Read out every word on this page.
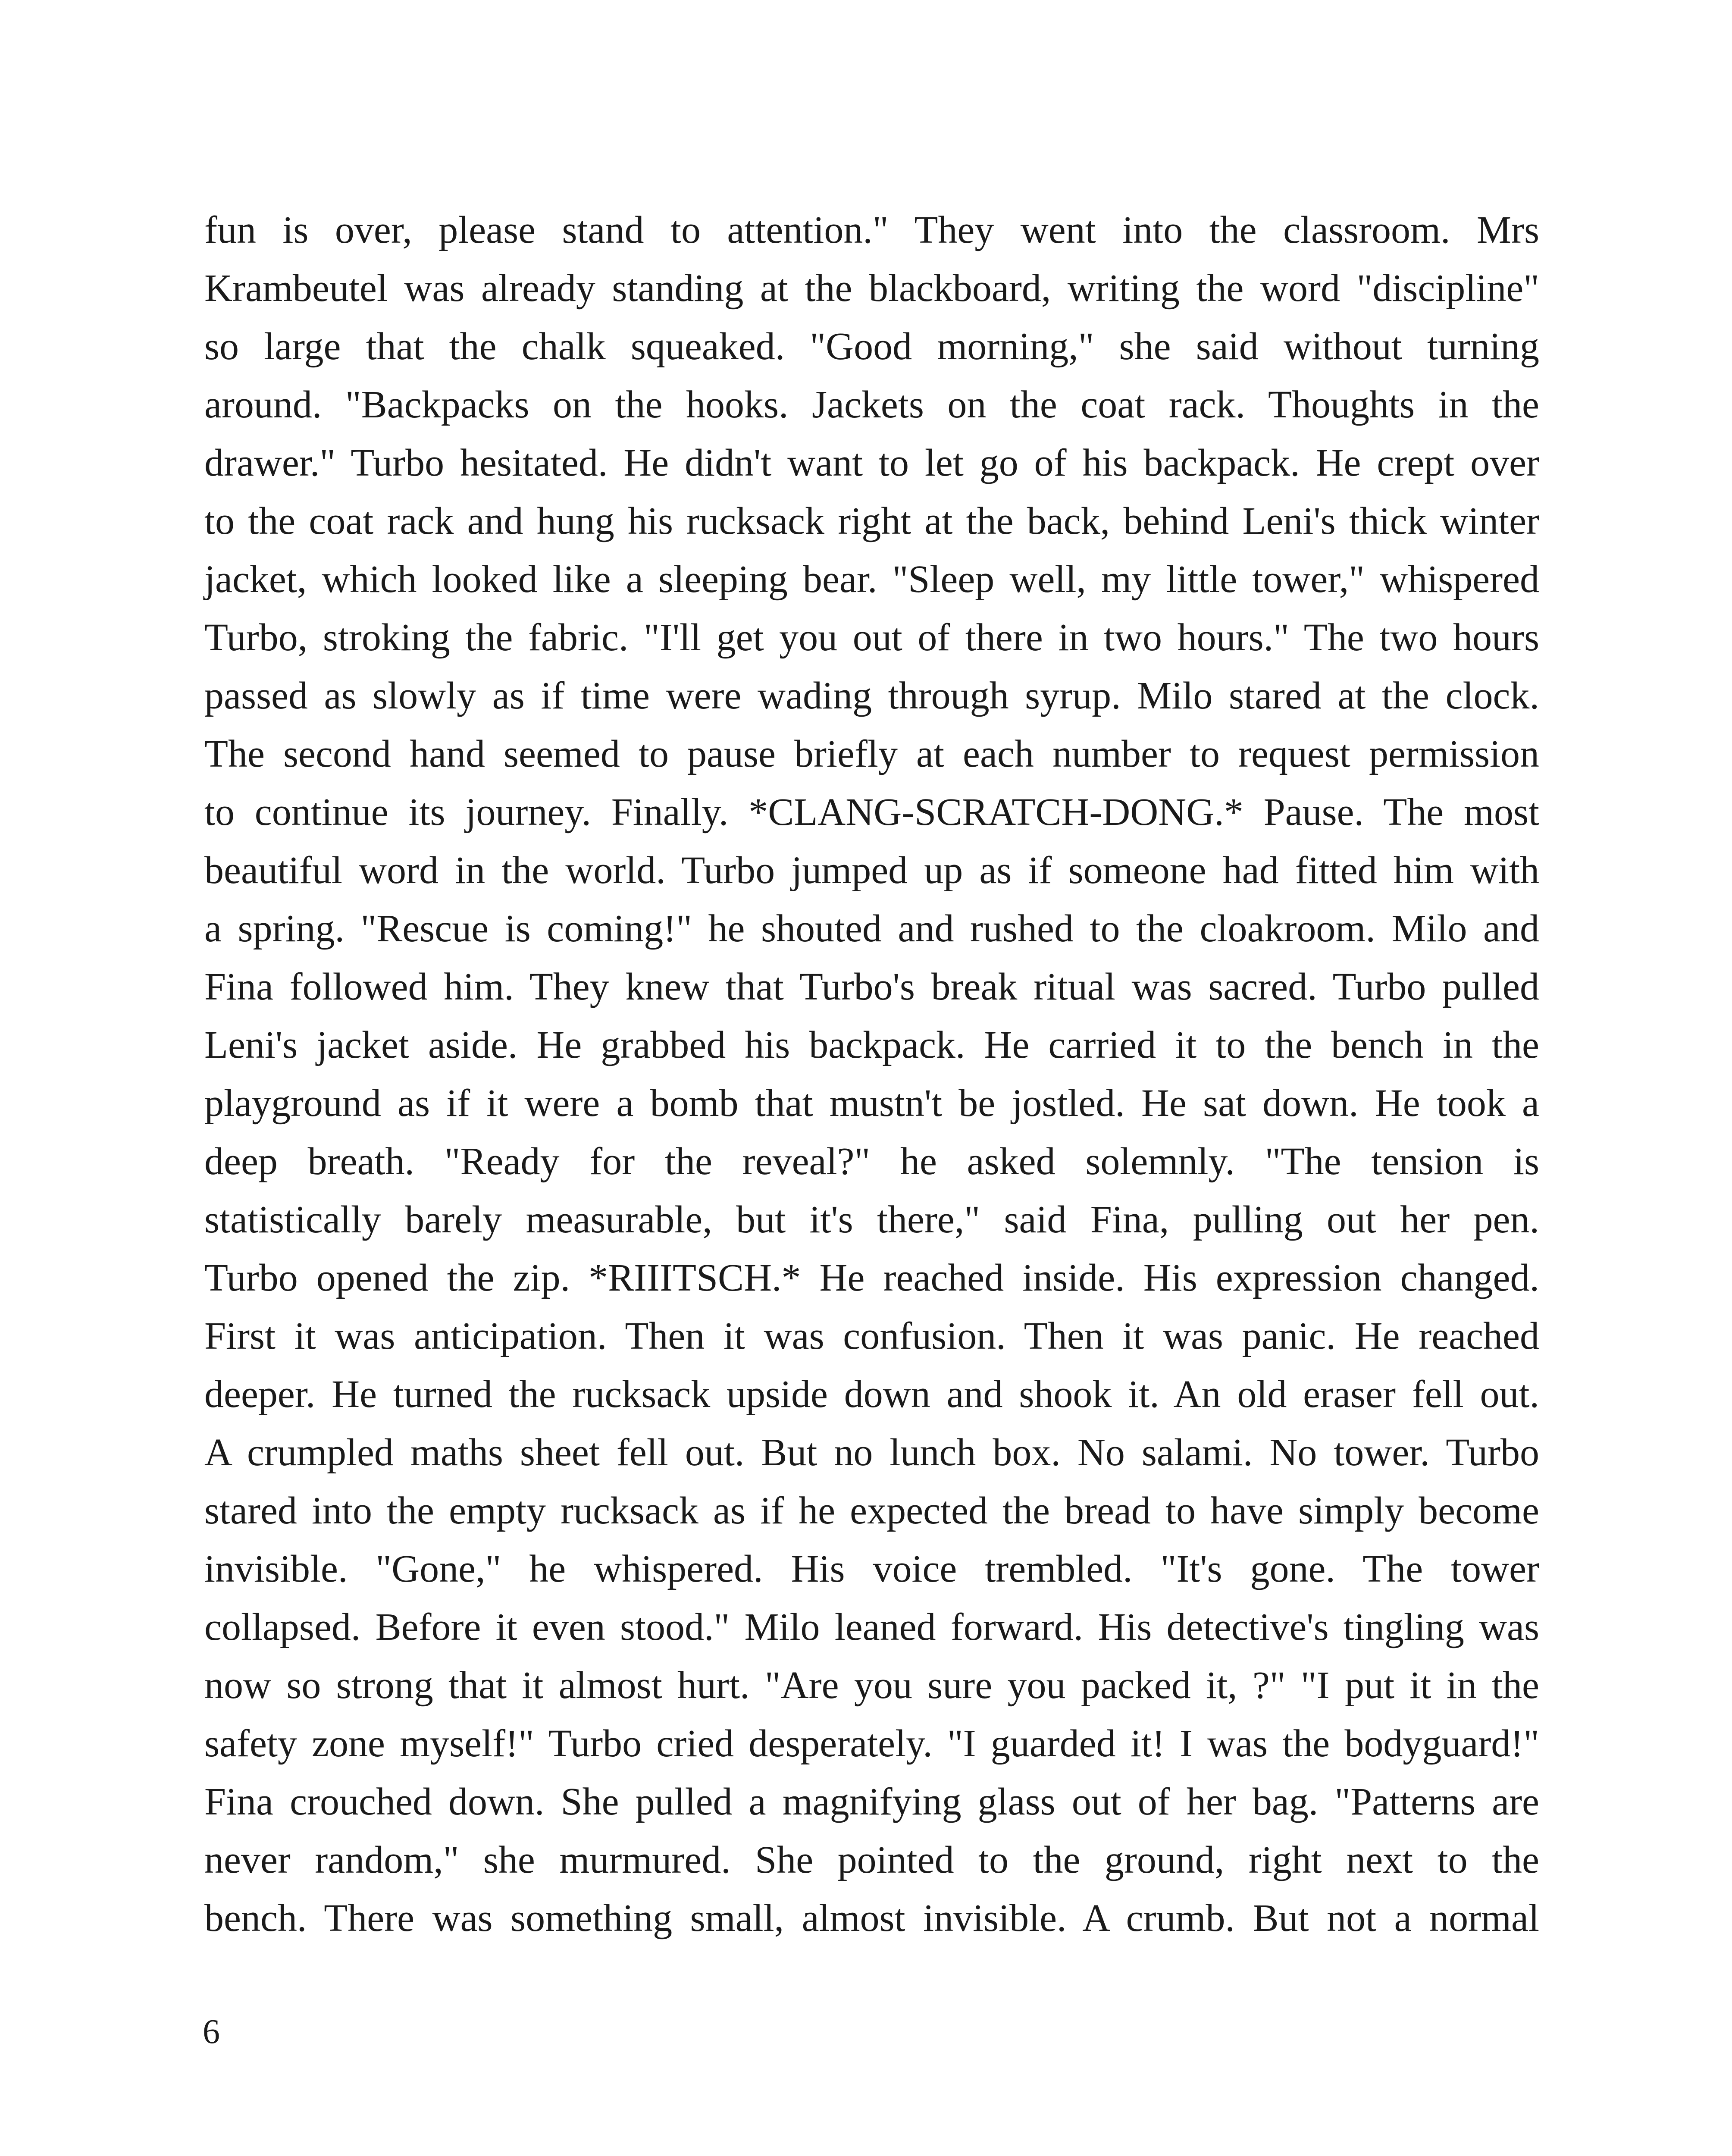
fun is over, please stand to attention." They went into the classroom. Mrs
Krambeutel was already standing at the blackboard, writing the word "discipline"
so large that the chalk squeaked. "Good morning," she said without turning
around. "Backpacks on the hooks. Jackets on the coat rack. Thoughts in the
drawer." Turbo hesitated. He didn't want to let go of his backpack. He crept over
to the coat rack and hung his rucksack right at the back, behind Leni's thick winter
jacket, which looked like a sleeping bear. "Sleep well, my little tower," whispered
Turbo, stroking the fabric. "I'll get you out of there in two hours." The two hours
passed as slowly as if time were wading through syrup. Milo stared at the clock.
The second hand seemed to pause briefly at each number to request permission
to continue its journey. Finally. *CLANG-SCRATCH-DONG.* Pause. The most
beautiful word in the world. Turbo jumped up as if someone had fitted him with
a spring. "Rescue is coming!" he shouted and rushed to the cloakroom. Milo and
Fina followed him. They knew that Turbo's break ritual was sacred. Turbo pulled
Leni's jacket aside. He grabbed his backpack. He carried it to the bench in the
playground as if it were a bomb that mustn't be jostled. He sat down. He took a
deep breath. "Ready for the reveal?" he asked solemnly. "The tension is
statistically barely measurable, but it's there," said Fina, pulling out her pen.
Turbo opened the zip. *RIIITSCH.* He reached inside. His expression changed.
First it was anticipation. Then it was confusion. Then it was panic. He reached
deeper. He turned the rucksack upside down and shook it. An old eraser fell out.
A crumpled maths sheet fell out. But no lunch box. No salami. No tower. Turbo
stared into the empty rucksack as if he expected the bread to have simply become
invisible. "Gone," he whispered. His voice trembled. "It's gone. The tower
collapsed. Before it even stood." Milo leaned forward. His detective's tingling was
now so strong that it almost hurt. "Are you sure you packed it, ?" "I put it in the
safety zone myself!" Turbo cried desperately. "I guarded it! I was the bodyguard!"
Fina crouched down. She pulled a magnifying glass out of her bag. "Patterns are
never random," she murmured. She pointed to the ground, right next to the
bench. There was something small, almost invisible. A crumb. But not a normal
6
